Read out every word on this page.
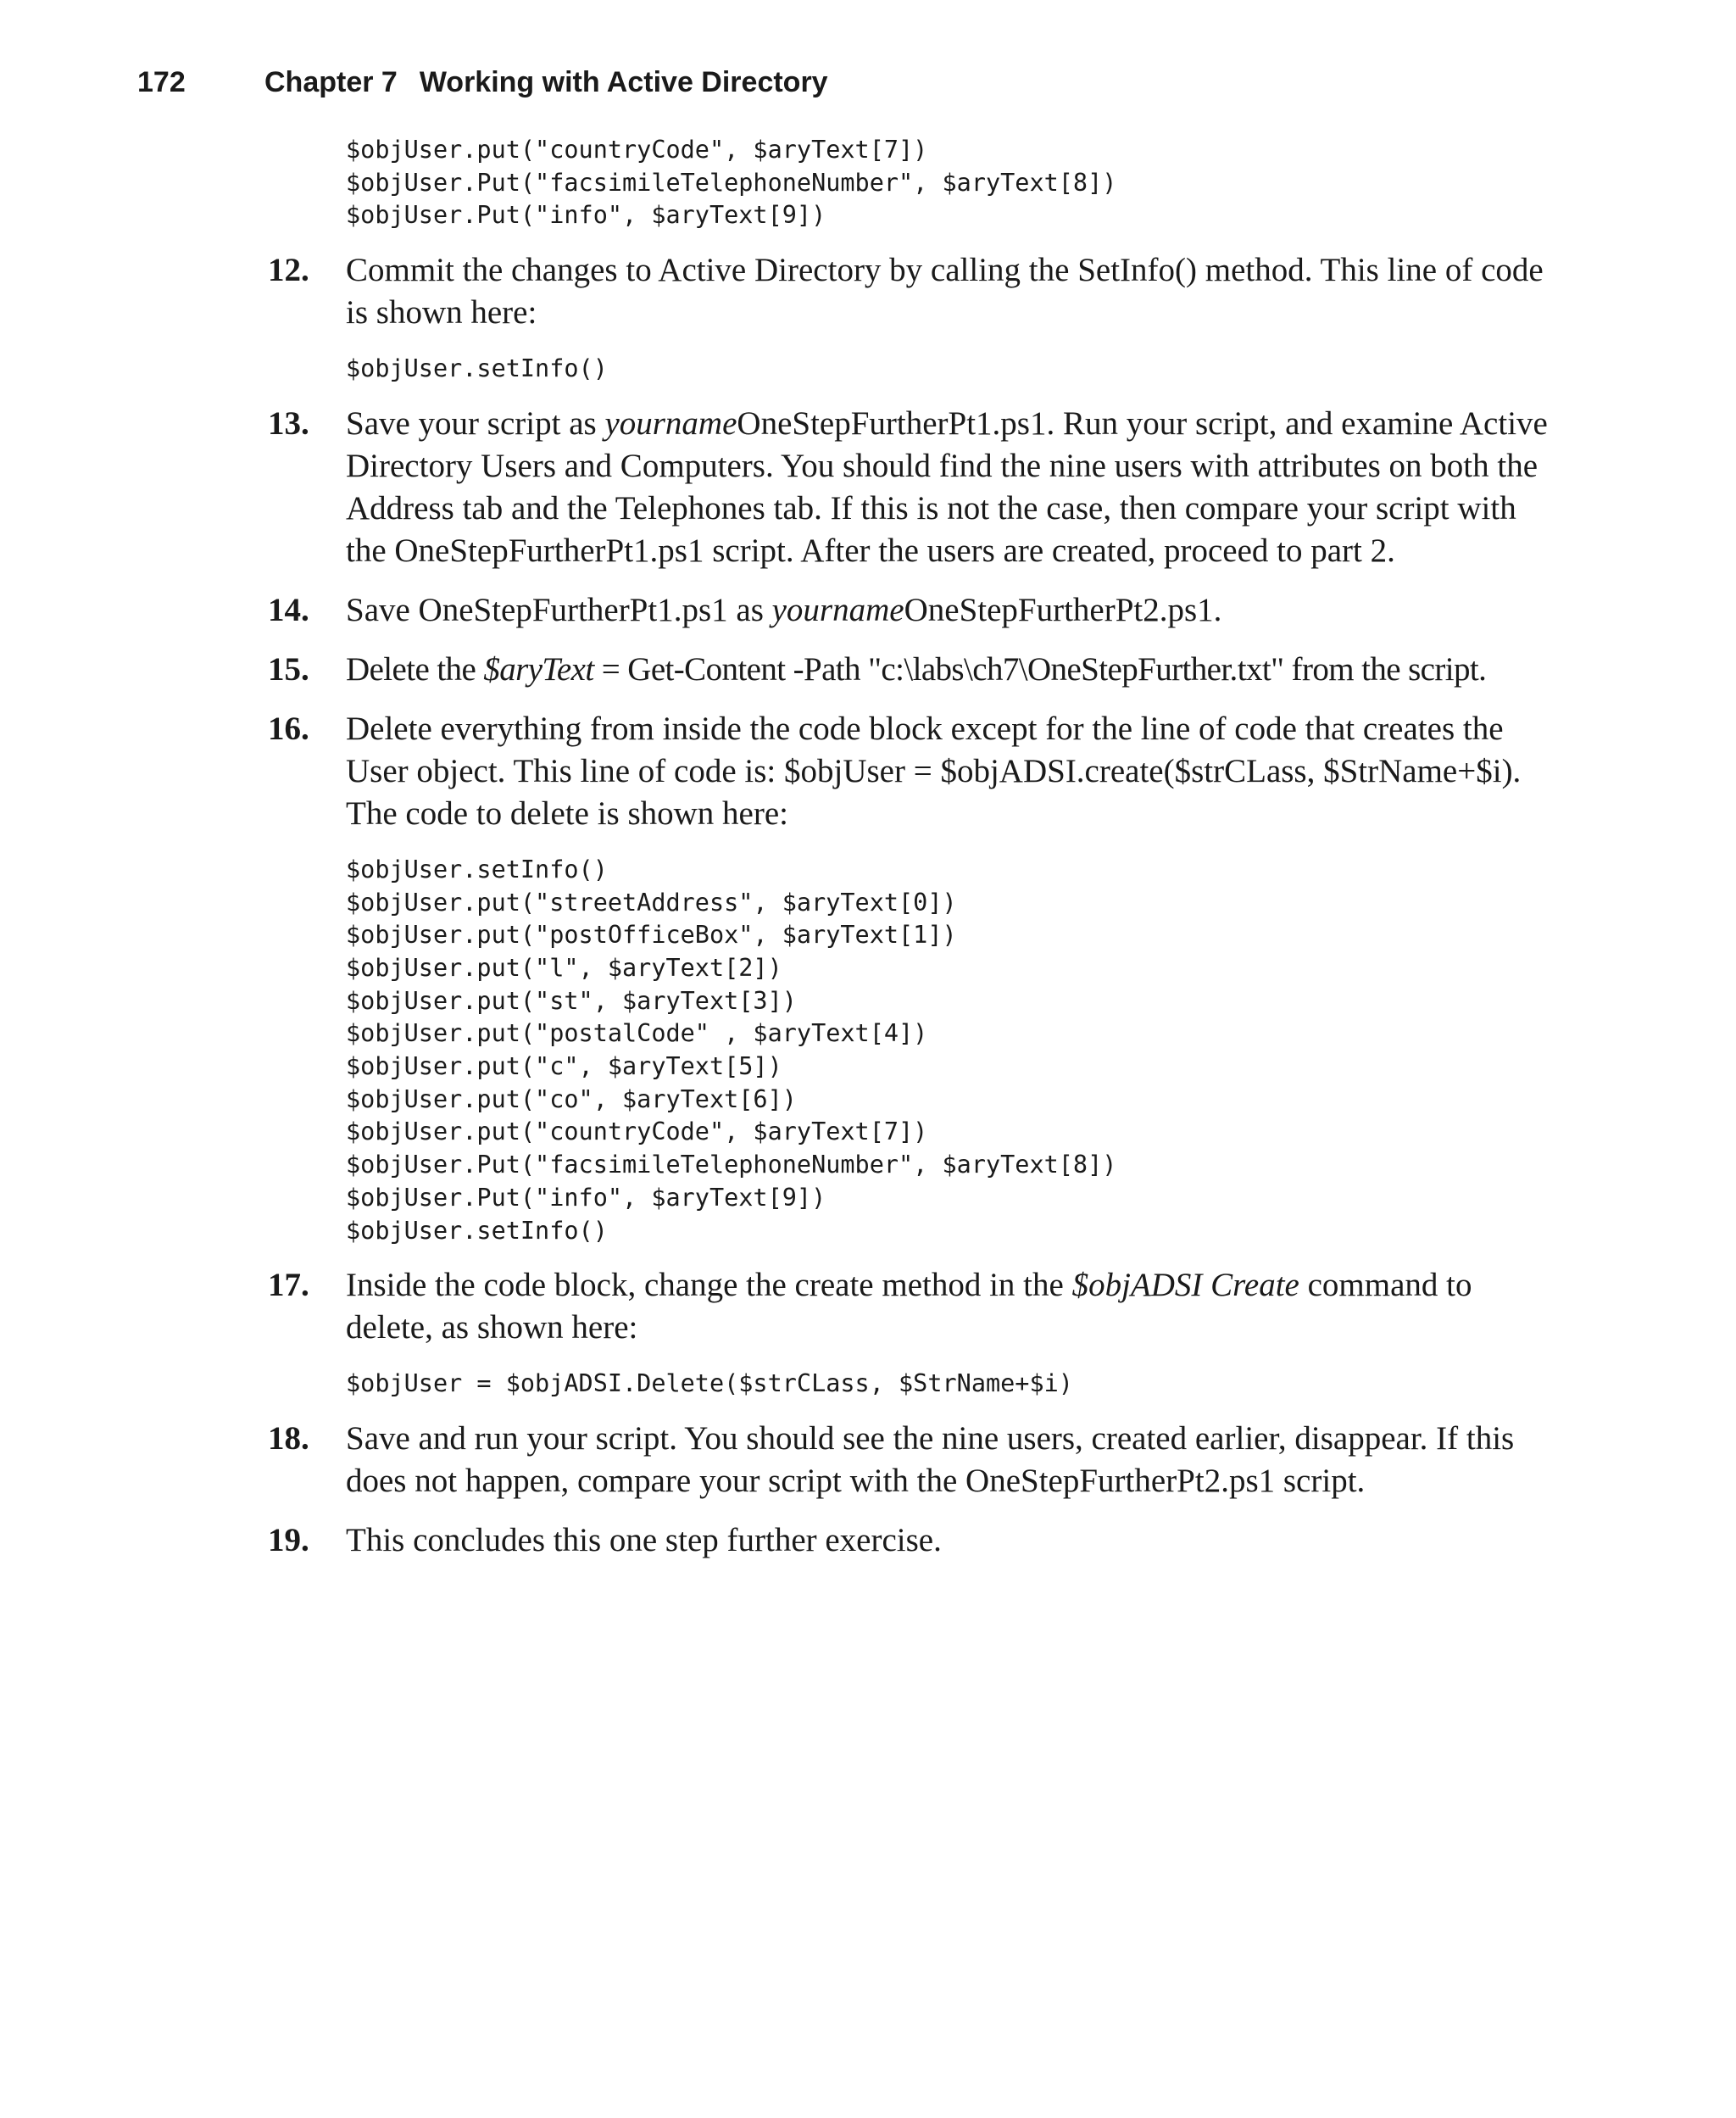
172	Chapter 7 Working with Active Directory
$objUser.put("countryCode", $aryText[7])
$objUser.Put("facsimileTelephoneNumber", $aryText[8])
$objUser.Put("info", $aryText[9])
12. Commit the changes to Active Directory by calling the SetInfo() method. This line of code is shown here:
$objUser.setInfo()
13. Save your script as yournameOneStepFurtherPt1.ps1. Run your script, and examine Active Directory Users and Computers. You should find the nine users with attributes on both the Address tab and the Telephones tab. If this is not the case, then compare your script with the OneStepFurtherPt1.ps1 script. After the users are created, proceed to part 2.
14. Save OneStepFurtherPt1.ps1 as yournameOneStepFurtherPt2.ps1.
15. Delete the $aryText = Get-Content -Path "c:\labs\ch7\OneStepFurther.txt" from the script.
16. Delete everything from inside the code block except for the line of code that creates the User object. This line of code is: $objUser = $objADSI.create($strCLass, $StrName+$i). The code to delete is shown here:
$objUser.setInfo()
$objUser.put("streetAddress", $aryText[0])
$objUser.put("postOfficeBox", $aryText[1])
$objUser.put("l", $aryText[2])
$objUser.put("st", $aryText[3])
$objUser.put("postalCode" , $aryText[4])
$objUser.put("c", $aryText[5])
$objUser.put("co", $aryText[6])
$objUser.put("countryCode", $aryText[7])
$objUser.Put("facsimileTelephoneNumber", $aryText[8])
$objUser.Put("info", $aryText[9])
$objUser.setInfo()
17. Inside the code block, change the create method in the $objADSI Create command to delete, as shown here:
$objUser = $objADSI.Delete($strCLass, $StrName+$i)
18. Save and run your script. You should see the nine users, created earlier, disappear. If this does not happen, compare your script with the OneStepFurtherPt2.ps1 script.
19. This concludes this one step further exercise.
